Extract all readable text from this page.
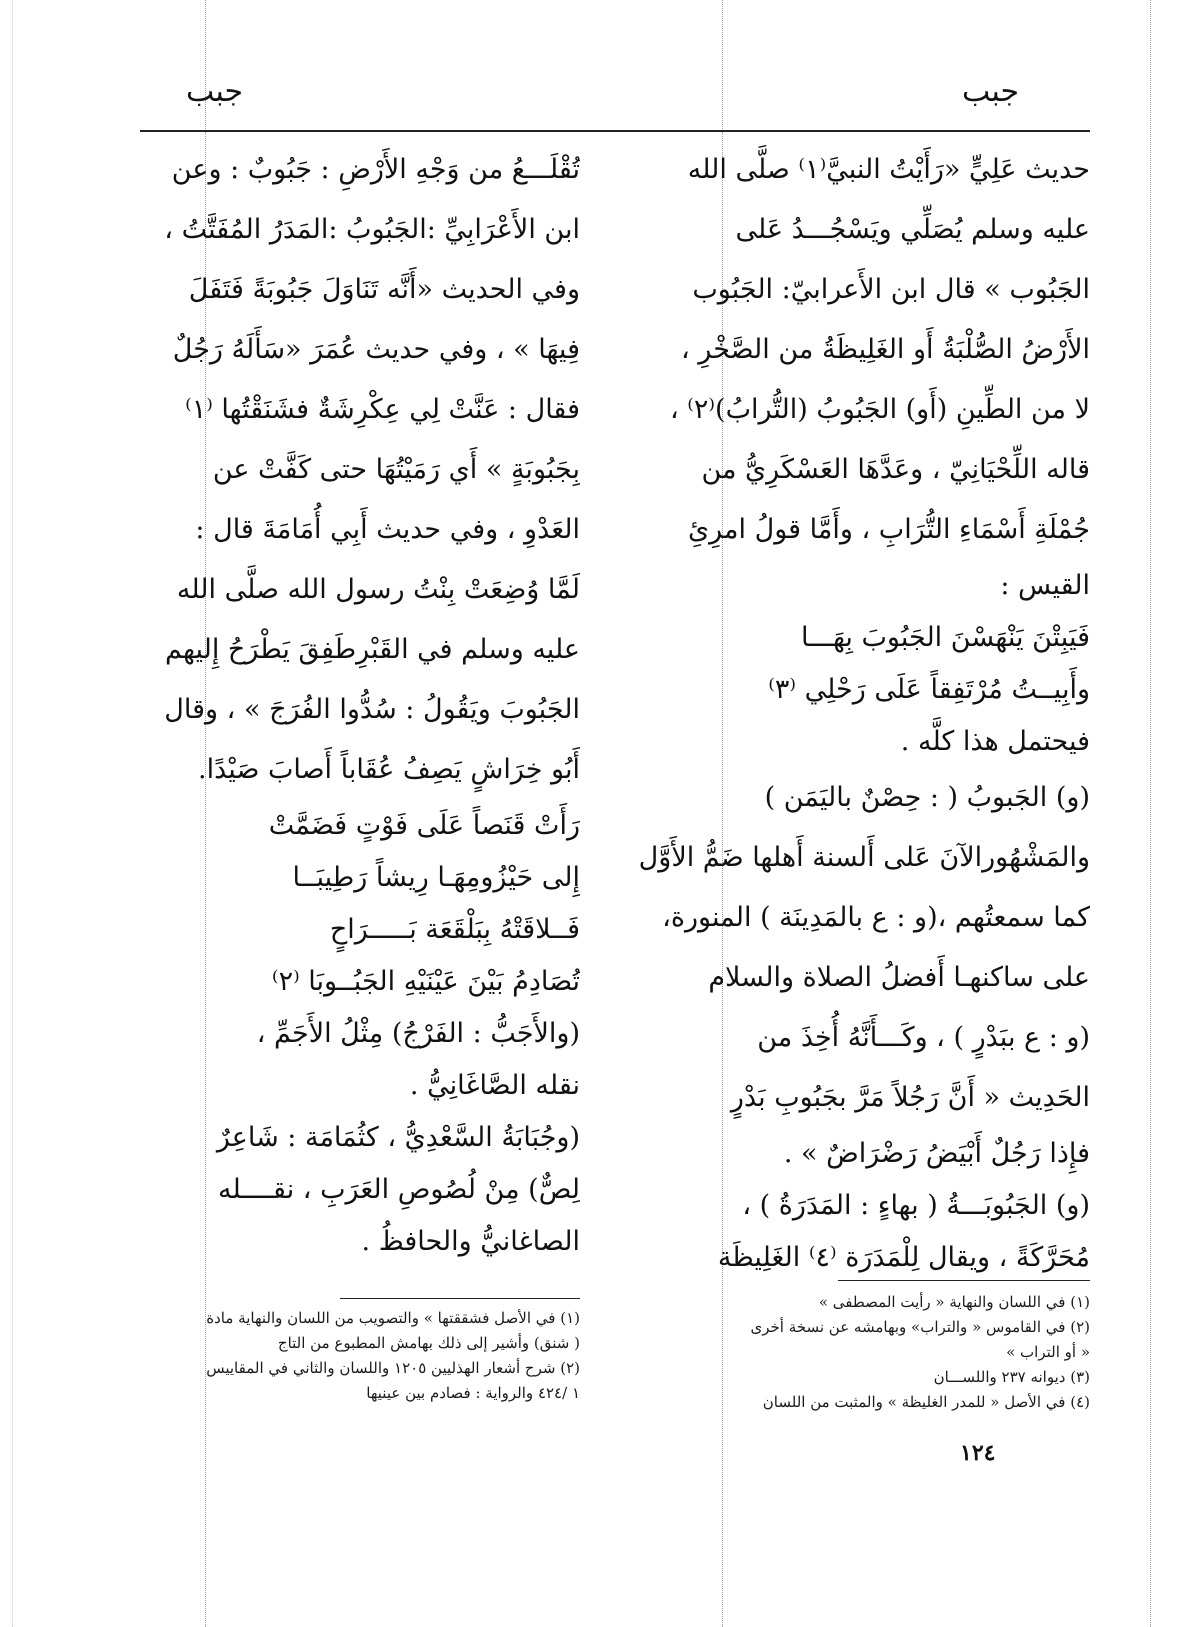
جبب
جبب
حديث عَلِيٍّ «رَأَيْتُ النبيَّ⁽١⁾ صلَّى الله
عليه وسلم يُصَلِّي ويَسْجُـــدُ عَلى
الجَبُوب » قال ابن الأَعرابيّ: الجَبُوب
الأَرْضُ الصُّلْبَةُ أَو الغَلِيظَةُ من الصَّخْرِ ،
لا من الطِّينِ (أَو) الجَبُوبُ (التُّرابُ)⁽٢⁾ ،
قاله اللِّحْيَانِيّ ، وعَدَّهَا العَسْكَرِيُّ من
جُمْلَةِ أَسْمَاءِ التُّرَابِ ، وأَمَّا قولُ امرِئِ
القيس :
فَيَبِتْنَ يَنْهَسْنَ الجَبُوبَ بِهَـــا
وأَبِيــتُ مُرْتَفِقاً عَلَى رَحْلِي ⁽٣⁾
فيحتمل هذا كلَّه .
(و) الجَبوبُ ( : حِصْنٌ باليَمَن )
والمَشْهُورالآنَ عَلى أَلسنة أَهلها ضَمُّ الأَوَّل
كما سمعتُهم ،(و : ع بالمَدِينَة ) المنورة،
على ساكنهـا أَفضلُ الصلاة والسلام
(و : ع ببَدْرٍ ) ، وكَـــأَنَّهُ أُخِذَ من
الحَدِيث « أَنَّ رَجُلاً مَرَّ بجَبُوبِ بَدْرٍ
فإِذا رَجُلٌ أَبْيَضُ رَضْرَاضٌ » .
(و) الجَبُوبَـــةُ ( بهاءٍ : المَدَرَةُ ) ،
مُحَرَّكَةً ، ويقال لِلْمَدَرَة ⁽٤⁾ الغَلِيظَة
تُقْلَـــعُ من وَجْهِ الأَرْضِ : جَبُوبٌ : وعن
ابن الأَعْرَابِيِّ :الجَبُوبُ :المَدَرُ المُفَتَّتُ ،
وفي الحديث «أَنَّه تَنَاوَلَ جَبُوبَةً فَتَفَلَ
فِيهَا » ، وفي حديث عُمَرَ «سَأَلَهُ رَجُلٌ
فقال : عَنَّتْ لِي عِكْرِشَةٌ فشَنَقْتُها ⁽١⁾
بِجَبُوبَةٍ » أَي رَمَيْتُهَا حتى كَفَّتْ عن
العَدْوِ ، وفي حديث أَبِي أُمَامَةَ قال :
لَمَّا وُضِعَتْ بِنْتُ رسول الله صلَّى الله
عليه وسلم في القَبْرِطَفِقَ يَطْرَحُ إِليهم
الجَبُوبَ ويَقُولُ : سُدُّوا الفُرَجَ » ، وقال
أَبُو خِرَاشٍ يَصِفُ عُقَاباً أَصابَ صَيْدًا.
رَأَتْ قَنَصاً عَلَى فَوْتٍ فَضَمَّتْ
إِلى حَيْزُومِهَـا رِيشاً رَطِيبَــا
فَــلاقَتْهُ بِبَلْقَعَة بَـــــرَاحٍ
تُصَادِمُ بَيْنَ عَيْنَيْهِ الجَبُــوبَا ⁽٢⁾
(والأَجَبُّ : الفَرْجُ) مِثْلُ الأَجَمِّ ،
نقله الصَّاغَانِيُّ .
(وجُبَابَةُ السَّعْدِيُّ ، كثُمَامَة : شَاعِرٌ
لِصٌّ) مِنْ لُصُوصِ العَرَبِ ، نقــــله
الصاغانيُّ والحافظُ .
(١) في اللسان والنهاية « رأيت المصطفى »
(٢) في القاموس « والتراب» وبهامشه عن نسخة أخرى
« أو التراب »
(٣) ديوانه ٢٣٧ واللســـان
(٤) في الأصل « للمدر الغليظة » والمثبت من اللسان
(١) في الأصل فشققتها » والتصويب من اللسان والنهاية مادة
( شنق) وأشير إلى ذلك بهامش المطبوع من التاج
(٢) شرح أشعار الهذليين ١٢٠٥ واللسان والثاني في المقاييس
١ /٤٢٤ والرواية : فصادم بين عينيها
١٢٤
